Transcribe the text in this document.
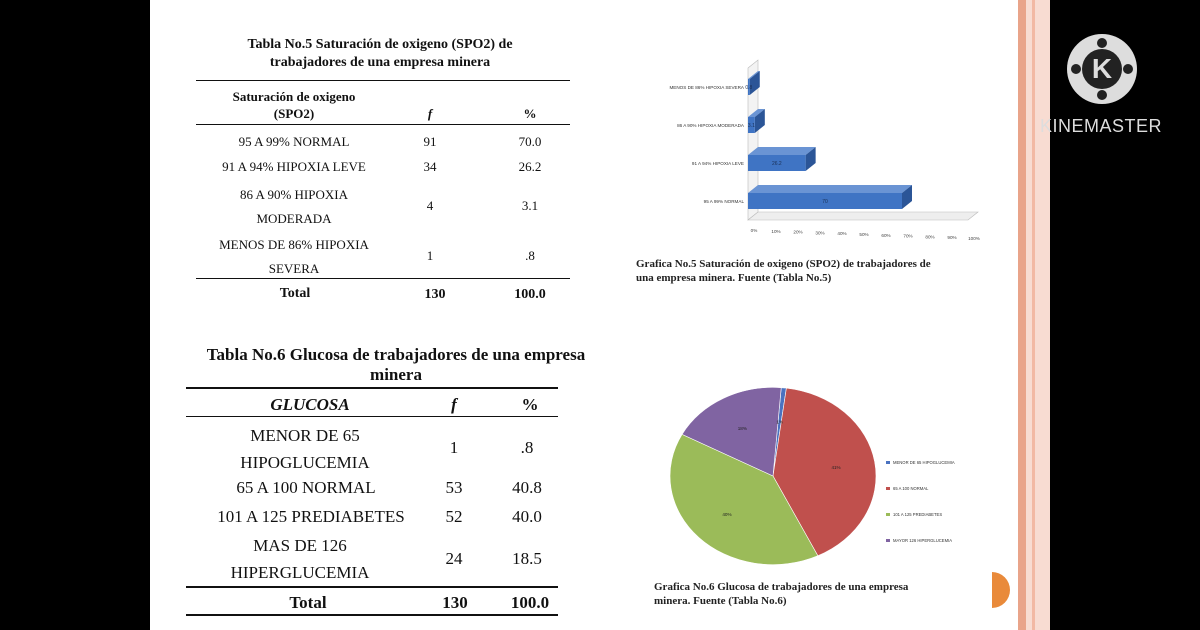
Tabla No.5 Saturación de oxigeno (SPO2) de
trabajadores de una empresa minera
Saturación de oxigeno
(SPO2)	f	%
95 A 99% NORMAL	91	70.0
91 A 94% HIPOXIA LEVE	34	26.2
86 A 90% HIPOXIA
MODERADA
4	3.1
MENOS DE 86% HIPOXIA
SEVERA
1	.8
Total	130	100.0
MENOS DE 86% HIPOXIA SEVERA
86 A 90% HIPOXIA MODERADA
91 A 94% HIPOXIA LEVE
95 A 99% NORMAL
0.8
3.1
26.2
70
0%	10%	20%	30%	40%	50%	60%	70%	80%	90%	100%
Grafica No.5 Saturación de oxigeno (SPO2) de trabajadores de
una empresa minera. Fuente (Tabla No.5)
Tabla No.6 Glucosa de trabajadores de una empresa
minera
GLUCOSA	f	%
MENOR DE 65
HIPOGLUCEMIA
1	.8
65 A 100 NORMAL	53	40.8
101 A 125 PREDIABETES	52	40.0
MAS DE 126
HIPERGLUCEMIA
24	18.5
Total	130	100.0
1%
41%
40%
18%
MENOR DE 65 HIPOGLUCEMIA
65 A 100 NORMAL
101 A 125 PREDIABETES
MAYOR 126 HIPERGLUCEMIA
Grafica No.6 Glucosa de trabajadores de una empresa
minera. Fuente (Tabla No.6)
K
KINEMASTER
